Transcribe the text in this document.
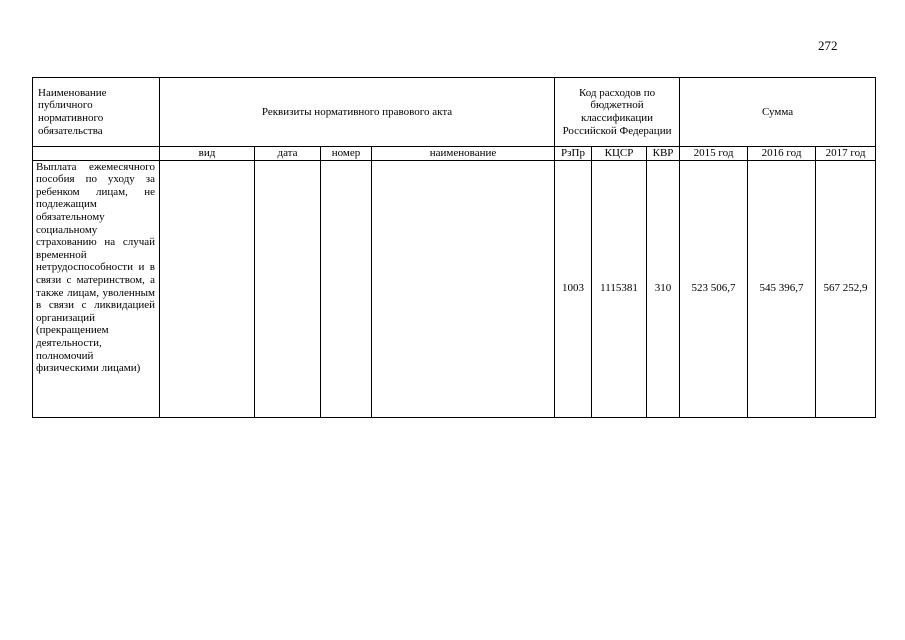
272
Наименование публичного нормативного обязательства	Реквизиты нормативного правового акта				Код расходов по бюджетной классификации Российской Федерации			Сумма		
	вид	дата	номер	наименование	РзПр	КЦСР	КВР	2015 год	2016 год	2017 год
Выплата ежемесячного пособия по уходу за ребенком лицам, не подлежащим обязательному социальному страхованию на случай временной нетрудоспособности и в связи с материнством, а также лицам, уволенным в связи с ликвидацией организаций (прекращением деятельности, полномочий физическими лицами)					1003	1115381	310	523 506,7	545 396,7	567 252,9
